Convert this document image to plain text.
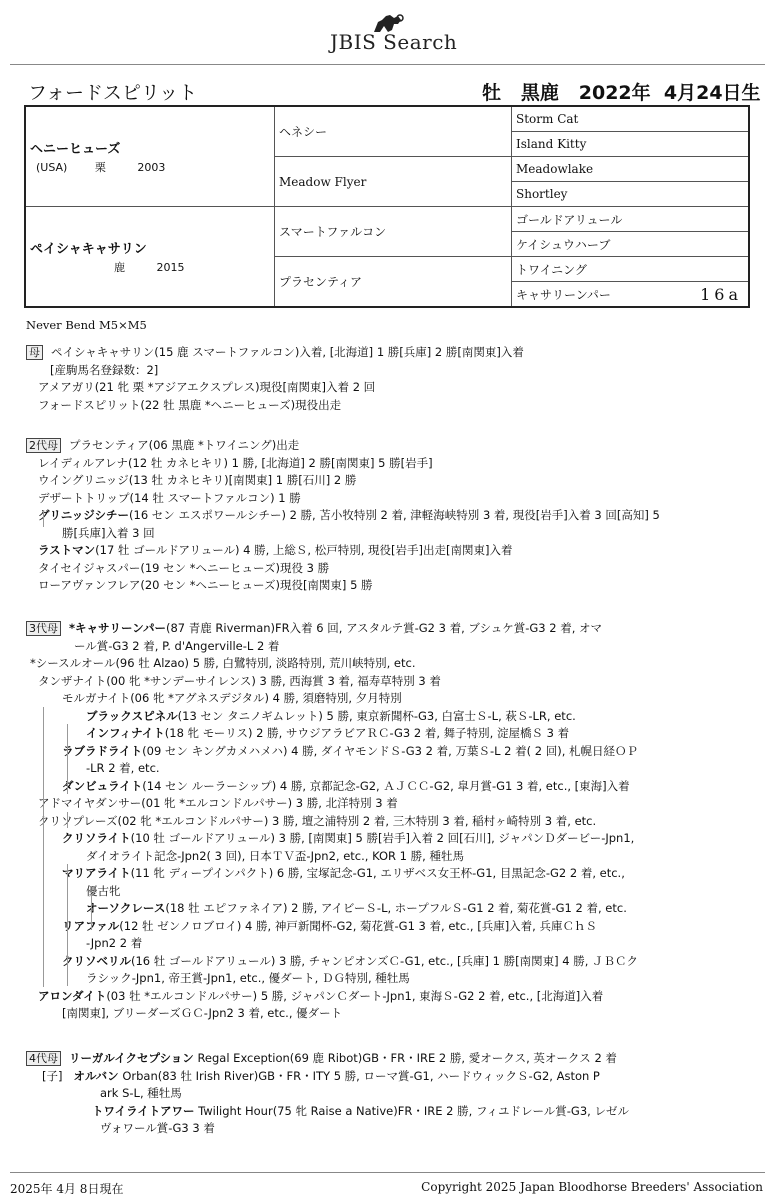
JBIS Search
フォードスピリット	牡 黒鹿 2022年 4月24日生
ヘニーヒューズ
(USA) 栗 2003	ヘネシー	Storm Cat
		Island Kitty
	Meadow Flyer	Meadowlake
		Shortley

ペイシャキャサリン
鹿 2015	スマートファルコン	ゴールドアリュール
		ケイシュウハーブ
	プラセンティア	トワイニング
		キャサリーンパー 16a
Never Bend M5×M5
母 ペイシャキャサリン(15 鹿 スマートファルコン)入着, [北海道] 1 勝[兵庫] 2 勝[南関東]入着
[産駒馬名登録数：2]
アメアガリ(21 牝 栗 *アジアエクスプレス)現役[南関東]入着 2 回
フォードスピリット(22 牡 黒鹿 *ヘニーヒューズ)現役出走
2代母 プラセンティア(06 黒鹿 *トワイニング)出走
レイディルアレナ(12 牡 カネヒキリ) 1 勝, [北海道] 2 勝[南関東] 5 勝[岩手]
ウイングリニッジ(13 牡 カネヒキリ)[南関東] 1 勝[石川] 2 勝
デザートトリップ(14 牡 スマートファルコン) 1 勝
グリニッジシチー(16 セン エスポワールシチー) 2 勝, 苫小牧特別 2 着, 津軽海峡特別 3 着, 現役[岩手]入着 3 回[高知] 5
勝[兵庫]入着 3 回
ラストマン(17 牡 ゴールドアリュール) 4 勝, 上総Ｓ, 松戸特別, 現役[岩手]出走[南関東]入着
タイセイジャスパー(19 セン *ヘニーヒューズ)現役 3 勝
ローアヴァンフレア(20 セン *ヘニーヒューズ)現役[南関東] 5 勝
3代母 *キャサリーンパー(87 青鹿 Riverman)FR入着 6 回, アスタルテ賞-G2 3 着, ブシュケ賞-G3 2 着, オマ
ール賞-G3 2 着, P. d'Angerville-L 2 着
*シースルオール(96 牡 Alzao) 5 勝, 白鷺特別, 淡路特別, 荒川峡特別, etc.
タンザナイト(00 牝 *サンデーサイレンス) 3 勝, 西海賞 3 着, 福寿草特別 3 着
モルガナイト(06 牝 *アグネスデジタル) 4 勝, 須磨特別, 夕月特別
ブラックスピネル(13 セン タニノギムレット) 5 勝, 東京新聞杯-G3, 白富士Ｓ-L, 萩Ｓ-LR, etc.
インフィナイト(18 牝 モーリス) 2 勝, サウジアラビアＲＣ-G3 2 着, 舞子特別, 淀屋橋Ｓ 3 着
ラブラドライト(09 セン キングカメハメハ) 4 勝, ダイヤモンドＳ-G3 2 着, 万葉Ｓ-L 2 着( 2 回), 札幌日経ＯＰ
-LR 2 着, etc.
ダンビュライト(14 セン ルーラーシップ) 4 勝, 京都記念-G2, ＡＪＣＣ-G2, 皐月賞-G1 3 着, etc., [東海]入着
アドマイヤダンサー(01 牝 *エルコンドルパサー) 3 勝, 北洋特別 3 着
クリソプレーズ(02 牝 *エルコンドルパサー) 3 勝, 壇之浦特別 2 着, 三木特別 3 着, 稲村ヶ崎特別 3 着, etc.
クリソライト(10 牡 ゴールドアリュール) 3 勝, [南関東] 5 勝[岩手]入着 2 回[石川], ジャパンＤダービー-Jpn1,
ダイオライト記念-Jpn2( 3 回), 日本ＴＶ盃-Jpn2, etc., KOR 1 勝, 種牡馬
マリアライト(11 牝 ディープインパクト) 6 勝, 宝塚記念-G1, エリザベス女王杯-G1, 目黒記念-G2 2 着, etc.,
優古牝
オーソクレース(18 牡 エピファネイア) 2 勝, アイビーＳ-L, ホープフルＳ-G1 2 着, 菊花賞-G1 2 着, etc.
リアファル(12 牡 ゼンノロブロイ) 4 勝, 神戸新聞杯-G2, 菊花賞-G1 3 着, etc., [兵庫]入着, 兵庫ＣｈＳ
-Jpn2 2 着
クリソベリル(16 牡 ゴールドアリュール) 3 勝, チャンピオンズＣ-G1, etc., [兵庫] 1 勝[南関東] 4 勝, ＪＢＣク
ラシック-Jpn1, 帝王賞-Jpn1, etc., 優ダート, ＤＧ特別, 種牡馬
アロンダイト(03 牡 *エルコンドルパサー) 5 勝, ジャパンＣダート-Jpn1, 東海Ｓ-G2 2 着, etc., [北海道]入着
[南関東], ブリーダーズＧＣ-Jpn2 3 着, etc., 優ダート
4代母 リーガルイクセプション Regal Exception(69 鹿 Ribot)GB・FR・IRE 2 勝, 愛オークス, 英オークス 2 着
[子] オルバン Orban(83 牡 Irish River)GB・FR・ITY 5 勝, ローマ賞-G1, ハードウィックＳ-G2, Aston P
ark S-L, 種牡馬
トワイライトアワー Twilight Hour(75 牝 Raise a Native)FR・IRE 2 勝, フィユドレール賞-G3, レゼル
ヴォワール賞-G3 3 着
2025年 4月 8日現在	Copyright 2025 Japan Bloodhorse Breeders' Association
